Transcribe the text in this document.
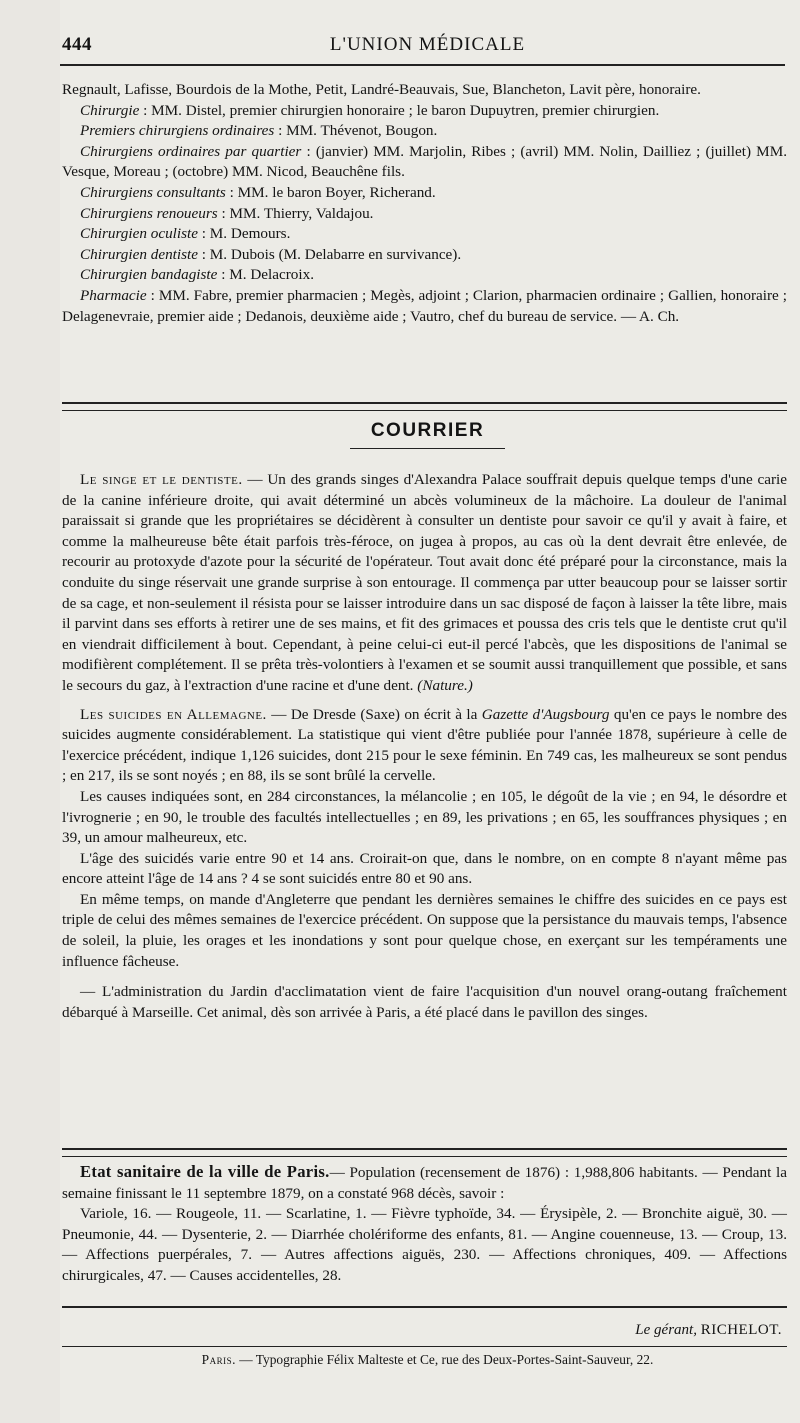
444	L'UNION MÉDICALE

Regnault, Lafisse, Bourdois de la Mothe, Petit, Landré-Beauvais, Sue, Blancheton, Lavit père, honoraire.

Chirurgie : MM. Distel, premier chirurgien honoraire ; le baron Dupuytren, premier chirurgien.

Premiers chirurgiens ordinaires : MM. Thévenot, Bougon.

Chirurgiens ordinaires par quartier : (janvier) MM. Marjolin, Ribes ; (avril) MM. Nolin, Dailliez ; (juillet) MM. Vesque, Moreau ; (octobre) MM. Nicod, Beauchêne fils.

Chirurgiens consultants : MM. le baron Boyer, Richerand.

Chirurgiens renoueurs : MM. Thierry, Valdajou.

Chirurgien oculiste : M. Demours.

Chirurgien dentiste : M. Dubois (M. Delabarre en survivance).

Chirurgien bandagiste : M. Delacroix.

Pharmacie : MM. Fabre, premier pharmacien ; Megès, adjoint ; Clarion, pharmacien ordinaire ; Gallien, honoraire ; Delagenevraie, premier aide ; Dedanois, deuxième aide ; Vautro, chef du bureau de service. — A. Ch.

COURRIER

Le singe et le dentiste. — Un des grands singes d'Alexandra Palace souffrait depuis quelque temps d'une carie de la canine inférieure droite, qui avait déterminé un abcès volumineux de la mâchoire. La douleur de l'animal paraissait si grande que les propriétaires se décidèrent à consulter un dentiste pour savoir ce qu'il y avait à faire, et comme la malheureuse bête était parfois très-féroce, on jugea à propos, au cas où la dent devrait être enlevée, de recourir au protoxyde d'azote pour la sécurité de l'opérateur. Tout avait donc été préparé pour la circonstance, mais la conduite du singe réservait une grande surprise à son entourage. Il commença par utter beaucoup pour se laisser sortir de sa cage, et non-seulement il résista pour se laisser introduire dans un sac disposé de façon à laisser la tête libre, mais il parvint dans ses efforts à retirer une de ses mains, et fit des grimaces et poussa des cris tels que le dentiste crut qu'il en viendrait difficilement à bout. Cependant, à peine celui-ci eut-il percé l'abcès, que les dispositions de l'animal se modifièrent complétement. Il se prêta très-volontiers à l'examen et se soumit aussi tranquillement que possible, et sans le secours du gaz, à l'extraction d'une racine et d'une dent. (Nature.)

Les suicides en Allemagne. — De Dresde (Saxe) on écrit à la Gazette d'Augsbourg qu'en ce pays le nombre des suicides augmente considérablement. La statistique qui vient d'être publiée pour l'année 1878, supérieure à celle de l'exercice précédent, indique 1,126 suicides, dont 215 pour le sexe féminin. En 749 cas, les malheureux se sont pendus ; en 217, ils se sont noyés ; en 88, ils se sont brûlé la cervelle.

Les causes indiquées sont, en 284 circonstances, la mélancolie ; en 105, le dégoût de la vie ; en 94, le désordre et l'ivrognerie ; en 90, le trouble des facultés intellectuelles ; en 89, les privations ; en 65, les souffrances physiques ; en 39, un amour malheureux, etc.

L'âge des suicidés varie entre 90 et 14 ans. Croirait-on que, dans le nombre, on en compte 8 n'ayant même pas encore atteint l'âge de 14 ans ? 4 se sont suicidés entre 80 et 90 ans.

En même temps, on mande d'Angleterre que pendant les dernières semaines le chiffre des suicides en ce pays est triple de celui des mêmes semaines de l'exercice précédent. On suppose que la persistance du mauvais temps, l'absence de soleil, la pluie, les orages et les inondations y sont pour quelque chose, en exerçant sur les tempéraments une influence fâcheuse.

— L'administration du Jardin d'acclimatation vient de faire l'acquisition d'un nouvel orang-outang fraîchement débarqué à Marseille. Cet animal, dès son arrivée à Paris, a été placé dans le pavillon des singes.

Etat sanitaire de la ville de Paris.— Population (recensement de 1876) : 1,988,806 habitants. — Pendant la semaine finissant le 11 septembre 1879, on a constaté 968 décès, savoir :

Variole, 16. — Rougeole, 11. — Scarlatine, 1. — Fièvre typhoïde, 34. — Érysipèle, 2. — Bronchite aiguë, 30. — Pneumonie, 44. — Dysenterie, 2. — Diarrhée cholériforme des enfants, 81. — Angine couenneuse, 13. — Croup, 13. — Affections puerpérales, 7. — Autres affections aiguës, 230. — Affections chroniques, 409. — Affections chirurgicales, 47. — Causes accidentelles, 28.

Le gérant, RICHELOT.
Paris. — Typographie Félix Malteste et Ce, rue des Deux-Portes-Saint-Sauveur, 22.
